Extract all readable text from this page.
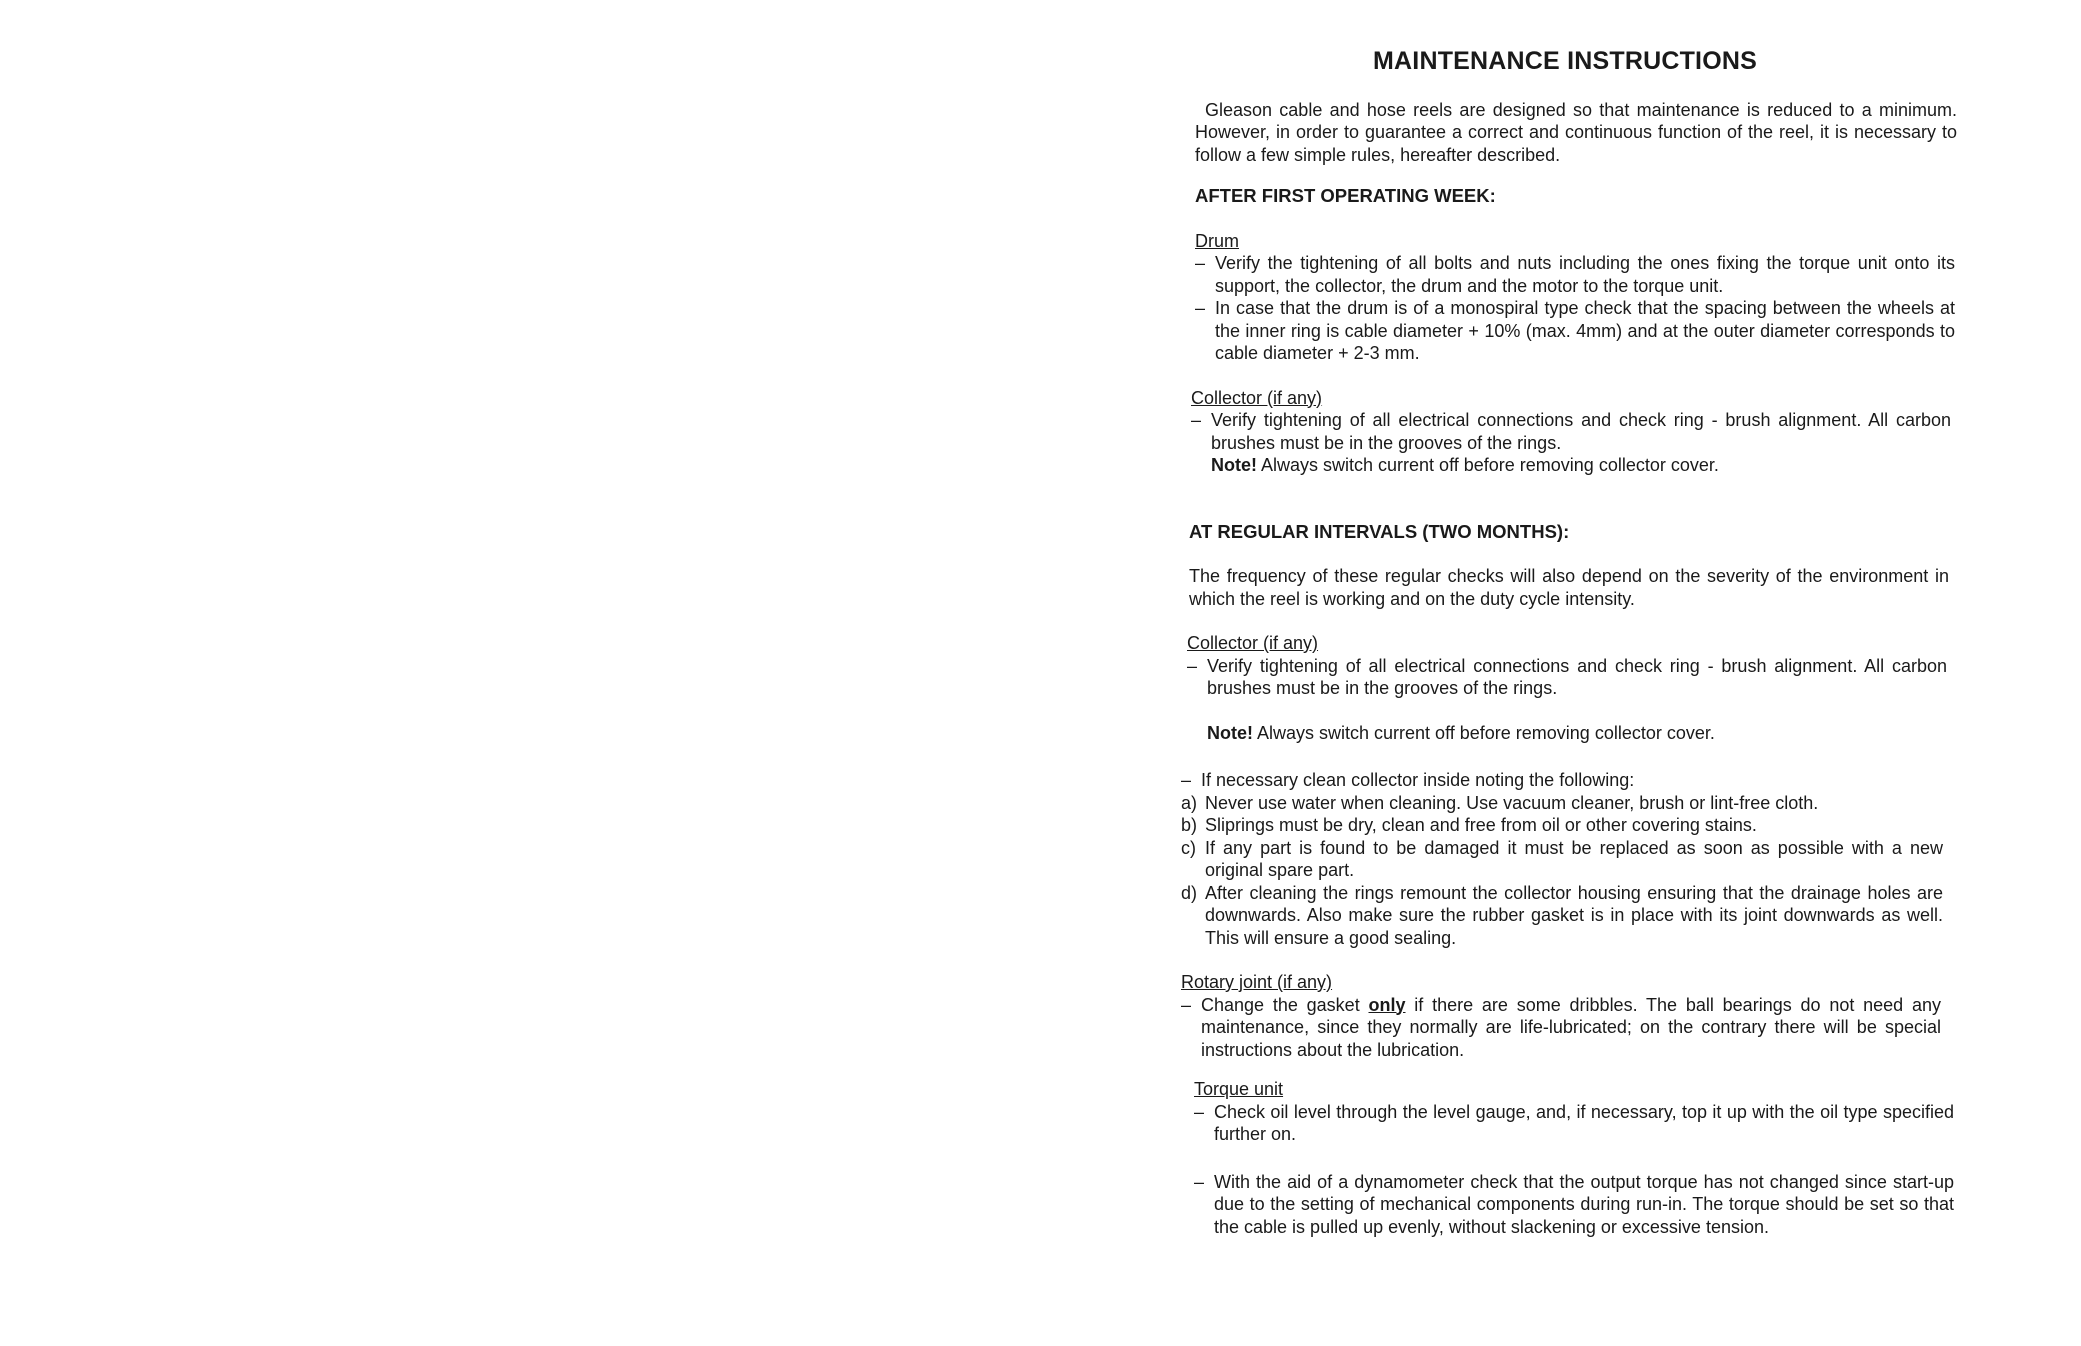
MAINTENANCE INSTRUCTIONS

Gleason cable and hose reels are designed so that maintenance is reduced to a minimum. However, in order to guarantee a correct and continuous function of the reel, it is necessary to follow a few simple rules, hereafter described.

AFTER FIRST OPERATING WEEK:
Drum
– Verify the tightening of all bolts and nuts including the ones fixing the torque unit onto its support, the collector, the drum and the motor to the torque unit.
– In case that the drum is of a monospiral type check that the spacing between the wheels at the inner ring is cable diameter + 10% (max. 4mm) and at the outer diameter corresponds to cable diameter + 2-3 mm.
Collector (if any)
– Verify tightening of all electrical connections and check ring - brush alignment. All carbon brushes must be in the grooves of the rings.
Note! Always switch current off before removing collector cover.
AT REGULAR INTERVALS (TWO MONTHS):

The frequency of these regular checks will also depend on the severity of the environment in which the reel is working and on the duty cycle intensity.

Collector (if any)
– Verify tightening of all electrical connections and check ring - brush alignment. All carbon brushes must be in the grooves of the rings.
Note! Always switch current off before removing collector cover.
– If necessary clean collector inside noting the following:
a) Never use water when cleaning. Use vacuum cleaner, brush or lint-free cloth.
b) Sliprings must be dry, clean and free from oil or other covering stains.
c) If any part is found to be damaged it must be replaced as soon as possible with a new original spare part.
d) After cleaning the rings remount the collector housing ensuring that the drainage holes are downwards. Also make sure the rubber gasket is in place with its joint downwards as well. This will ensure a good sealing.
Rotary joint (if any)
– Change the gasket only if there are some dribbles. The ball bearings do not need any maintenance, since they normally are life-lubricated; on the contrary there will be special instructions about the lubrication.
Torque unit
– Check oil level through the level gauge, and, if necessary, top it up with the oil type specified further on.
– With the aid of a dynamometer check that the output torque has not changed since start-up due to the setting of mechanical components during run-in. The torque should be set so that the cable is pulled up evenly, without slackening or excessive tension.
